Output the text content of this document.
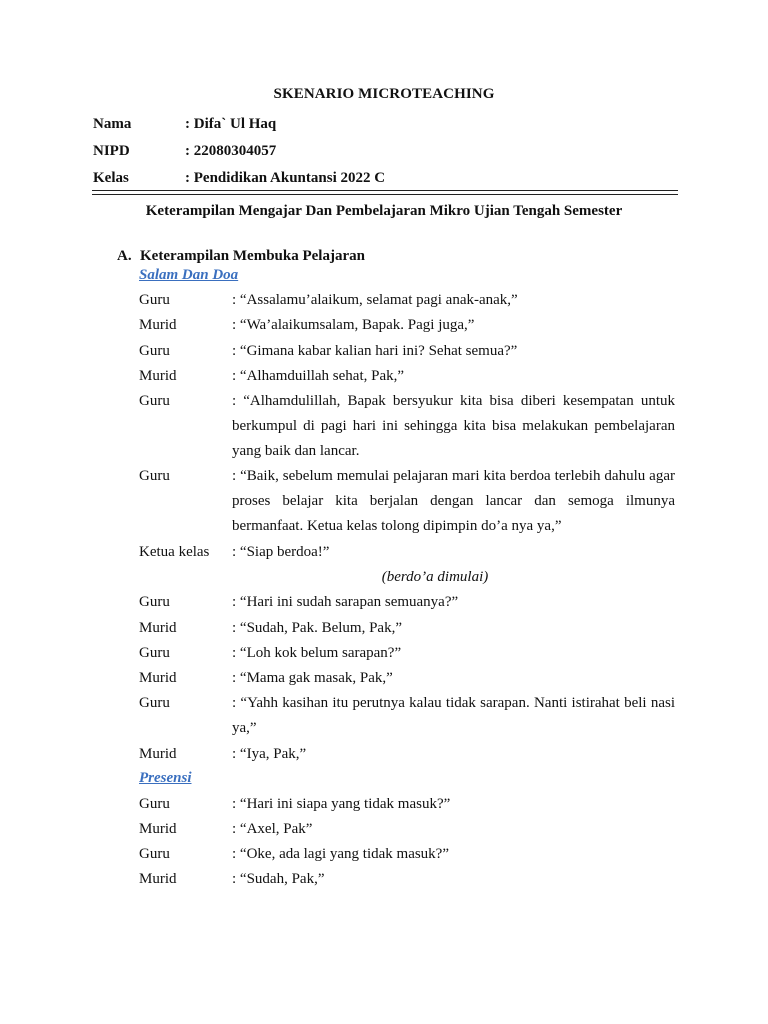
SKENARIO MICROTEACHING
Nama	: Difa` Ul Haq
NIPD	: 22080304057
Kelas	: Pendidikan Akuntansi 2022 C
Keterampilan Mengajar Dan Pembelajaran Mikro Ujian Tengah Semester
A. Keterampilan Membuka Pelajaran
Salam Dan Doa
Guru	: “Assalamu’alaikum, selamat pagi anak-anak,”
Murid	: “Wa’alaikumsalam, Bapak. Pagi juga,”
Guru	: “Gimana kabar kalian hari ini? Sehat semua?”
Murid	: “Alhamduillah sehat, Pak,”
Guru	: “Alhamdulillah, Bapak bersyukur kita bisa diberi kesempatan untuk berkumpul di pagi hari ini sehingga kita bisa melakukan pembelajaran yang baik dan lancar.
Guru	: “Baik, sebelum memulai pelajaran mari kita berdoa terlebih dahulu agar proses belajar kita berjalan dengan lancar dan semoga ilmunya bermanfaat. Ketua kelas tolong dipimpin do’a nya ya,”
Ketua kelas : “Siap berdoa!”
(berdo’a dimulai)
Guru	: “Hari ini sudah sarapan semuanya?”
Murid	: “Sudah, Pak. Belum, Pak,”
Guru	: “Loh kok belum sarapan?”
Murid	: “Mama gak masak, Pak,”
Guru	: “Yahh kasihan itu perutnya kalau tidak sarapan. Nanti istirahat beli nasi ya,”
Murid	: “Iya, Pak,”
Presensi
Guru	: “Hari ini siapa yang tidak masuk?”
Murid	: “Axel, Pak”
Guru	: “Oke, ada lagi yang tidak masuk?”
Murid	: “Sudah, Pak,”
